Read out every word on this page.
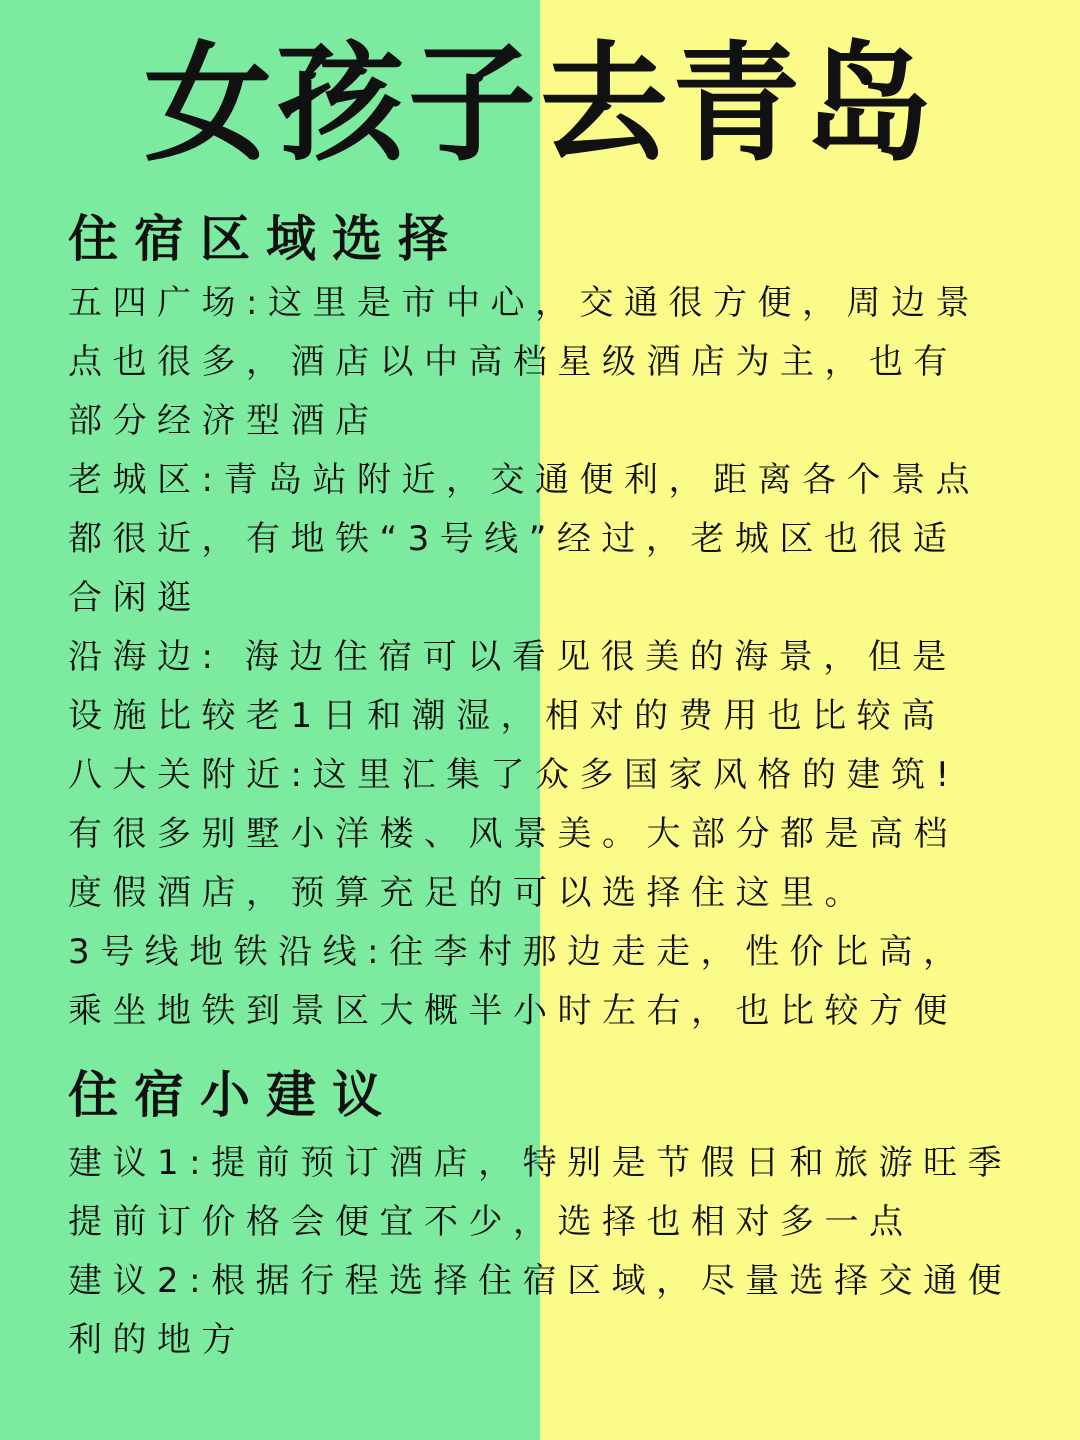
女孩子去青岛
住宿区域选择
五四广场:这里是市中心，交通很方便，周边景
点也很多，酒店以中高档星级酒店为主，也有
部分经济型酒店
老城区:青岛站附近，交通便利，距离各个景点
都很近，有地铁“3号线”经过，老城区也很适
合闲逛
沿海边: 海边住宿可以看见很美的海景，但是
设施比较老1日和潮湿，相对的费用也比较高
八大关附近:这里汇集了众多国家风格的建筑!
有很多别墅小洋楼、风景美。大部分都是高档
度假酒店，预算充足的可以选择住这里。
3号线地铁沿线:往李村那边走走，性价比高，
乘坐地铁到景区大概半小时左右，也比较方便
住宿小建议
建议1:提前预订酒店，特别是节假日和旅游旺季
提前订价格会便宜不少，选择也相对多一点
建议2:根据行程选择住宿区域，尽量选择交通便
利的地方
